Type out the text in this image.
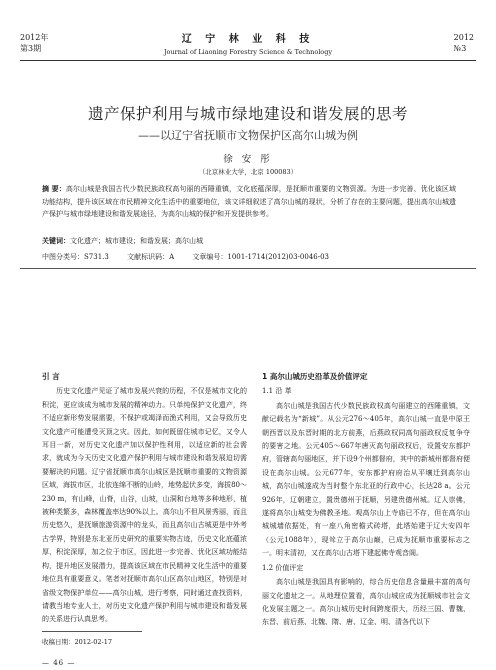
2012年
第3期
辽 宁 林 业 科 技
Journal of Liaoning Forestry Science & Technology
2012
№3
遗产保护利用与城市绿地建设和谐发展的思考
——以辽宁省抚顺市文物保护区高尔山城为例
徐 安 彤
（北京林业大学，北京 100083）
摘 要：高尔山城是我国古代少数民族政权高句丽的西陲重镇，文化底蕴深厚，是抚顺市重要的文物资源。为进一步完善、优化该区域功能结构，提升该区域在市民精神文化生活中的重要地位，该文详细叙述了高尔山城的现状，分析了存在的主要问题，提出高尔山城遗产保护与城市绿地建设和谐发展途径，为高尔山城的保护和开发提供参考。
关键词：文化遗产；城市建设；和谐发展；高尔山城
中图分类号：S731.3	文献标识码：A	文章编号：1001-1714(2012)03-0046-03
引 言

历史文化遗产见证了城市发展兴衰的历程，不仅是城市文化的积淀，更应该成为城市发展的精神动力。只单纯保护文化遗产，终不适应新形势发展需要，不保护或竭泽而渔式利用，又会导致历史文化遗产可能遭受灭顶之灾。因此，如何既留住城市记忆，又令人耳目一新，对历史文化遗产加以保护性利用，以适应新的社会需求，就成为今天历史文化遗产保护利用与城市建设和谐发展迫切需要解决的问题。辽宁省抚顺市高尔山城区是抚顺市重要的文物资源区域，海拔市区，北依连绵不断的山岭，地势起伏多变，海拔80～230 m，有山峰，山脊，山谷，山坡，山洞和台地等多种地形，植被种类繁多，森林覆盖率达90%以上。高尔山不但风景秀丽，而且历史悠久，是抚顺旅游资源中的龙头，而且高尔山古城更是中外考古学界，特别是东北亚历史研究的重要实物古迹，历史文化底蕴浓厚，积淀深厚，加之位于市区，因此进一步完善、优化区域功能结构，提升地区发展潜力，提高该区域在市民精神文化生活中的重要地位具有重要意义。笔者对抚顺市高尔山区高尔山地区，特别是对省级文物保护单位——高尔山城，进行考察，同时通过查找资料，请教当地专业人士，对历史文化遗产保护利用与城市建设和谐发展的关系进行认真思考。

1 高尔山城历史沿革及价值评定
1.1 沿 革

高尔山城是我国古代少数民族政权高句丽建立的西陲重镇，文献记载名为“新城”。从公元276～405年，高尔山城一直是中原王朝西晋以及东晋时期的北方前燕，后燕政权同高句丽政权反复争夺的要害之地。公元405～667年唐灭高句丽政权后，设置安东都护府，管辖高句丽地区，并下设9个州都督府，其中的新城州都督府便设在高尔山城。公元677年，安东都护府府治从平壤迁到高尔山城，高尔山城遂成为当时整个东北亚的行政中心，长达28 a。公元926年，辽朝建立，置贵德州于抚顺，另建贵德州城。辽人崇佛，遂将高尔山城变为佛教圣地。观高尔山上寺庙已不存，但在高尔山城城墙依据处，有一座八角密檐式砖塔，此塔始建于辽大安四年（公元1088年），现耸立于高尔山巅，已成为抚顺市重要标志之一。明末清初，又在高尔山古塔下建起佛寺观音阁。

1.2 价值评定

高尔山城是我国具有影响的，综合历史信息含量最丰富的高句丽文化遗址之一。从地理位置看，高尔山城应成为抚顺城市社会文化发展主题之一。高尔山城历史时间跨度很大，历经三国、曹魏、东晋、前后燕、北魏、隋、唐、辽金、明、清各代以下

收稿日期：2012-02-17
— 46 —
